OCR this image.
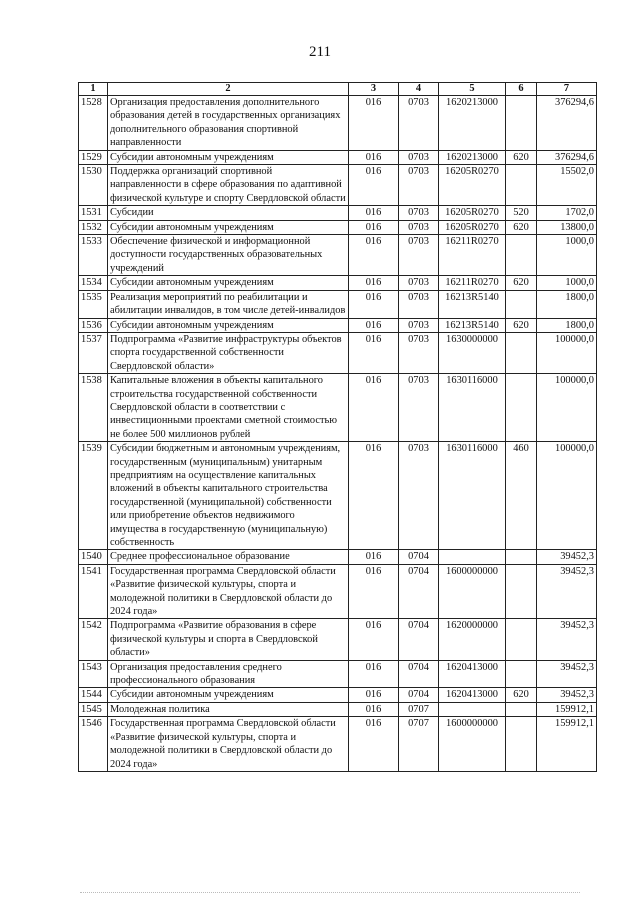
211
1	2	3	4	5	6	7
1528	Организация предоставления дополнительного образования детей в государственных организациях дополнительного образования спортивной направленности	016	0703	1620213000		376294,6
1529	Субсидии автономным учреждениям	016	0703	1620213000	620	376294,6
1530	Поддержка организаций спортивной направленности в сфере образования по адаптивной физической культуре и спорту Свердловской области	016	0703	16205R0270		15502,0
1531	Субсидии	016	0703	16205R0270	520	1702,0
1532	Субсидии автономным учреждениям	016	0703	16205R0270	620	13800,0
1533	Обеспечение физической и информационной доступности государственных образовательных учреждений	016	0703	16211R0270		1000,0
1534	Субсидии автономным учреждениям	016	0703	16211R0270	620	1000,0
1535	Реализация мероприятий по реабилитации и абилитации инвалидов, в том числе детей-инвалидов	016	0703	16213R5140		1800,0
1536	Субсидии автономным учреждениям	016	0703	16213R5140	620	1800,0
1537	Подпрограмма «Развитие инфраструктуры объектов спорта государственной собственности Свердловской области»	016	0703	1630000000		100000,0
1538	Капитальные вложения в объекты капитального строительства государственной собственности Свердловской области в соответствии с инвестиционными проектами сметной стоимостью не более 500 миллионов рублей	016	0703	1630116000		100000,0
1539	Субсидии бюджетным и автономным учреждениям, государственным (муниципальным) унитарным предприятиям на осуществление капитальных вложений в объекты капитального строительства государственной (муниципальной) собственности или приобретение объектов недвижимого имущества в государственную (муниципальную) собственность	016	0703	1630116000	460	100000,0
1540	Среднее профессиональное образование	016	0704			39452,3
1541	Государственная программа Свердловской области «Развитие физической культуры, спорта и молодежной политики в Свердловской области до 2024 года»	016	0704	1600000000		39452,3
1542	Подпрограмма «Развитие образования в сфере физической культуры и спорта в Свердловской области»	016	0704	1620000000		39452,3
1543	Организация предоставления среднего профессионального образования	016	0704	1620413000		39452,3
1544	Субсидии автономным учреждениям	016	0704	1620413000	620	39452,3
1545	Молодежная политика	016	0707			159912,1
1546	Государственная программа Свердловской области «Развитие физической культуры, спорта и молодежной политики в Свердловской области до 2024 года»	016	0707	1600000000		159912,1
